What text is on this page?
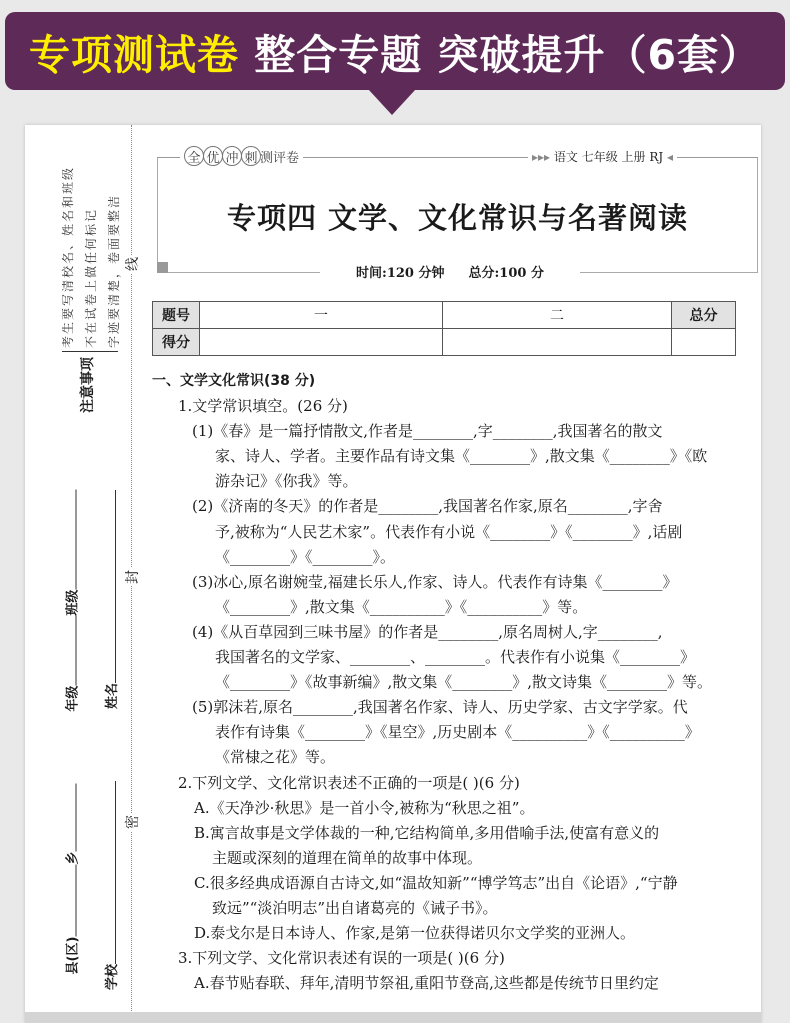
专项测试卷
整合专题 突破提升（6套）
线
封
密
考生要写清校名、姓名和班级 不在试卷上做任何标记 字迹要清楚，卷面要整洁
注意事项
县(区)
乡
年级
班级
学校
姓名
全 优 冲 刺 测评卷	▸▸▸ 语文 七年级 上册 RJ ◂
专项四 文学、文化常识与名著阅读
时间:120 分钟 总分:100 分
题号	一	二	总分
得分			
一、文学文化常识(38 分)
1.文学常识填空。(26 分)
(1)《春》是一篇抒情散文,作者是________,字________,我国著名的散文
家、诗人、学者。主要作品有诗文集《________》,散文集《________》《欧
游杂记》《你我》等。
(2)《济南的冬天》的作者是________,我国著名作家,原名________,字舍
予,被称为“人民艺术家”。代表作有小说《________》《________》,话剧
《________》《________》。
(3)冰心,原名谢婉莹,福建长乐人,作家、诗人。代表作有诗集《________》
《________》,散文集《__________》《__________》等。
(4)《从百草园到三味书屋》的作者是________,原名周树人,字________,
我国著名的文学家、________、________。代表作有小说集《________》
《________》《故事新编》,散文集《________》,散文诗集《________》等。
(5)郭沫若,原名________,我国著名作家、诗人、历史学家、古文字学家。代
表作有诗集《________》《星空》,历史剧本《__________》《__________》
《常棣之花》等。
2.下列文学、文化常识表述不正确的一项是( )(6 分)
A.《天净沙·秋思》是一首小令,被称为“秋思之祖”。
B.寓言故事是文学体裁的一种,它结构简单,多用借喻手法,使富有意义的
主题或深刻的道理在简单的故事中体现。
C.很多经典成语源自古诗文,如“温故知新”“博学笃志”出自《论语》,“宁静
致远”“淡泊明志”出自诸葛亮的《诫子书》。
D.泰戈尔是日本诗人、作家,是第一位获得诺贝尔文学奖的亚洲人。
3.下列文学、文化常识表述有误的一项是( )(6 分)
A.春节贴春联、拜年,清明节祭祖,重阳节登高,这些都是传统节日里约定
